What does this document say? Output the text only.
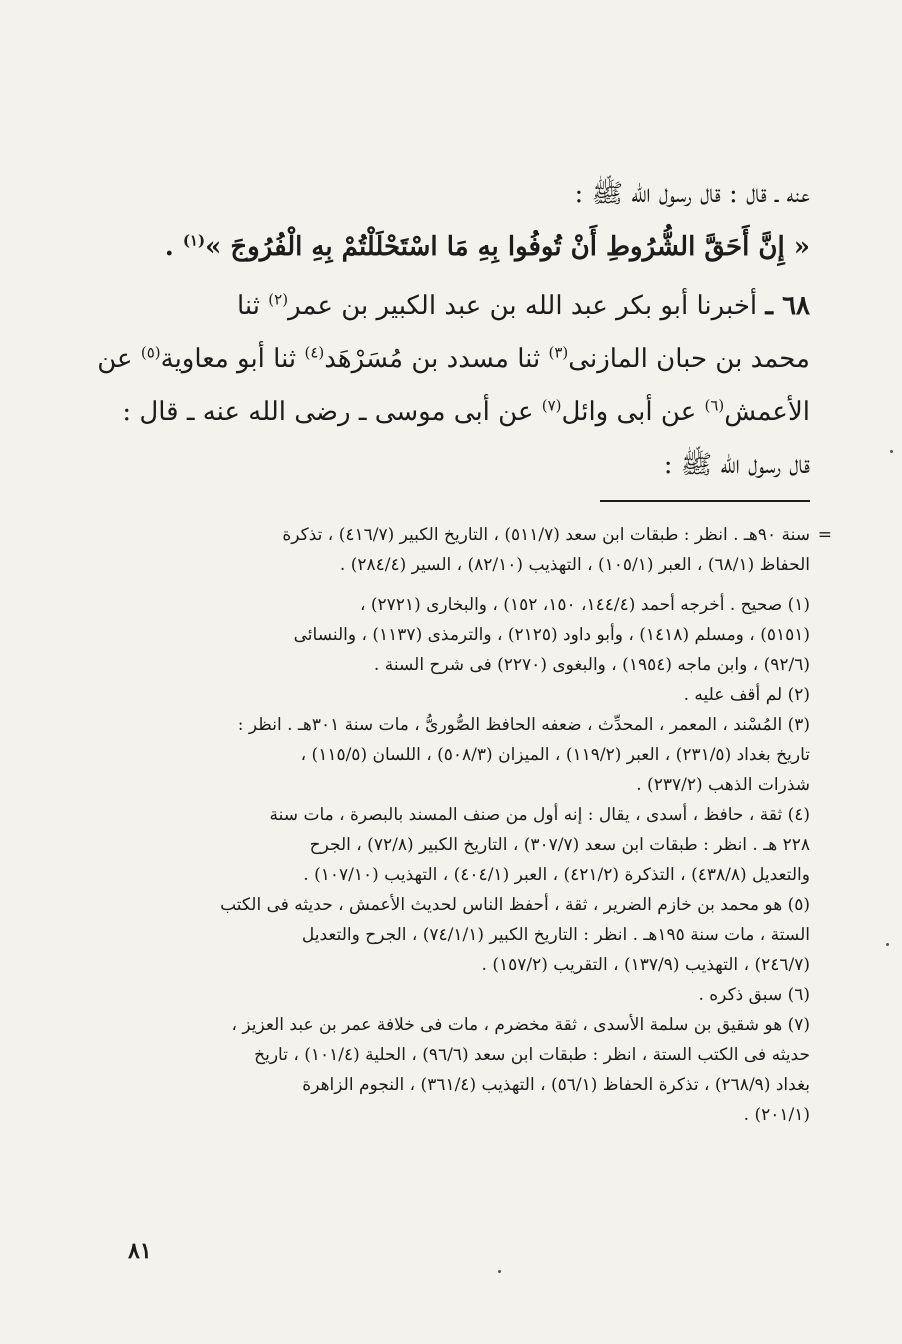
عنه ـ قال : قال رسول الله ﷺ :

« إِنَّ أَحَقَّ الشُّرُوطِ أَنْ تُوفُوا بِهِ مَا اسْتَحْلَلْتُمْ بِهِ الْفُرُوجَ »$^{(١)}$ .

٦٨ ـ أخبرنا أبو بكر عبد الله بن عبد الكبير بن عمر$^{(٢)}$ ثنا

محمد بن حبان المازنى$^{(٣)}$ ثنا مسدد بن مُسَرْهَد$^{(٤)}$ ثنا أبو معاوية$^{(٥)}$ عن

الأعمش$^{(٦)}$ عن أبى وائل$^{(٧)}$ عن أبى موسى ـ رضى الله عنه ـ قال :

قال رسول الله ﷺ :

=

سنة ٩٠هـ . انظر : طبقات ابن سعد (٥١١/٧) ، التاريخ الكبير (٤١٦/٧) ، تذكرة

الحفاظ (٦٨/١) ، العبر (١٠٥/١) ، التهذيب (٨٢/١٠) ، السير (٢٨٤/٤) .

(١) صحيح . أخرجه أحمد (١٤٤/٤، ١٥٠، ١٥٢) ، والبخارى (٢٧٢١) ،

(٥١٥١) ، ومسلم (١٤١٨) ، وأبو داود (٢١٢٥) ، والترمذى (١١٣٧) ، والنسائى

(٩٢/٦) ، وابن ماجه (١٩٥٤) ، والبغوى (٢٢٧٠) فى شرح السنة .

(٢) لم أقف عليه .

(٣) المُسْند ، المعمر ، المحدِّث ، ضعفه الحافظ الصُّورىُّ ، مات سنة ٣٠١هـ . انظر :

تاريخ بغداد (٢٣١/٥) ، العبر (١١٩/٢) ، الميزان (٥٠٨/٣) ، اللسان (١١٥/٥) ،

شذرات الذهب (٢٣٧/٢) .

(٤) ثقة ، حافظ ، أسدى ، يقال : إنه أول من صنف المسند بالبصرة ، مات سنة

٢٢٨ هـ . انظر : طبقات ابن سعد (٣٠٧/٧) ، التاريخ الكبير (٧٢/٨) ، الجرح

والتعديل (٤٣٨/٨) ، التذكرة (٤٢١/٢) ، العبر (٤٠٤/١) ، التهذيب (١٠٧/١٠) .

(٥) هو محمد بن خازم الضرير ، ثقة ، أحفظ الناس لحديث الأعمش ، حديثه فى الكتب

الستة ، مات سنة ١٩٥هـ . انظر : التاريخ الكبير (٧٤/١/١) ، الجرح والتعديل

(٢٤٦/٧) ، التهذيب (١٣٧/٩) ، التقريب (١٥٧/٢) .

(٦) سبق ذكره .

(٧) هو شقيق بن سلمة الأسدى ، ثقة مخضرم ، مات فى خلافة عمر بن عبد العزيز ،

حديثه فى الكتب الستة ، انظر : طبقات ابن سعد (٩٦/٦) ، الحلية (١٠١/٤) ، تاريخ

بغداد (٢٦٨/٩) ، تذكرة الحفاظ (٥٦/١) ، التهذيب (٣٦١/٤) ، النجوم الزاهرة

(٢٠١/١) .

٨١
